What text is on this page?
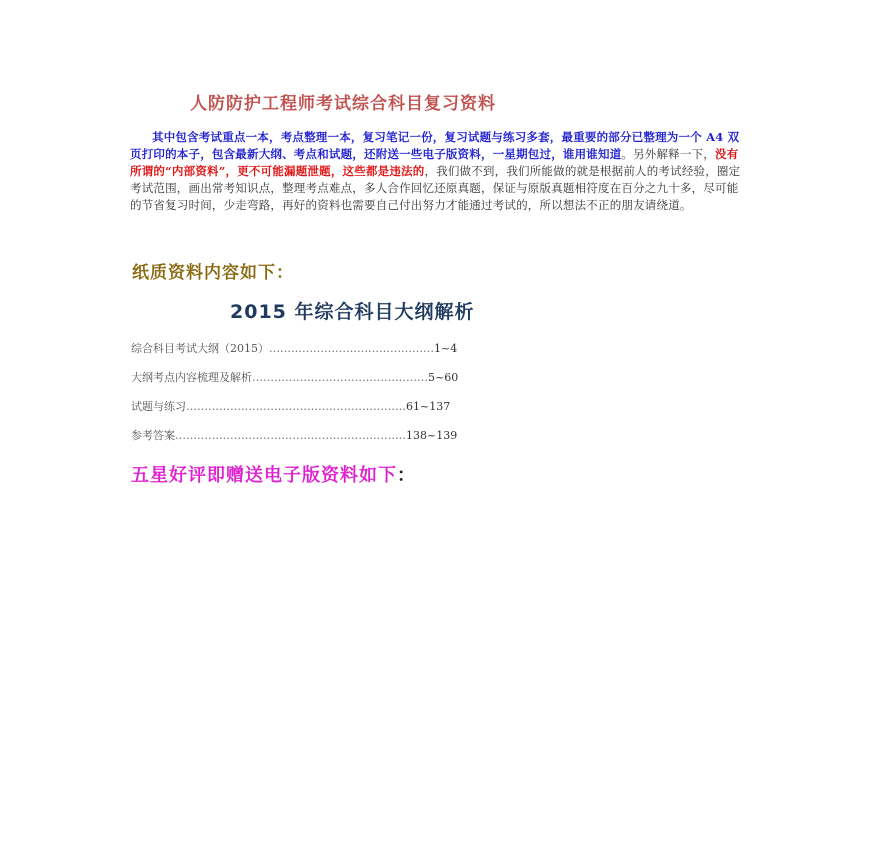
人防防护工程师考试综合科目复习资料
其中包含考试重点一本，考点整理一本，复习笔记一份，复习试题与练习多套，最重要的部分已整理为一个 A4 双页打印的本子，包含最新大纲、考点和试题，还附送一些电子版资料，一星期包过，谁用谁知道。另外解释一下，没有所谓的“内部资料”，更不可能漏题泄题，这些都是违法的，我们做不到，我们所能做的就是根据前人的考试经验，圈定考试范围，画出常考知识点，整理考点难点，多人合作回忆还原真题，保证与原版真题相符度在百分之九十多，尽可能的节省复习时间，少走弯路，再好的资料也需要自己付出努力才能通过考试的，所以想法不正的朋友请绕道。
纸质资料内容如下：
2015 年综合科目大纲解析
综合科目考试大纲（2015） ……………………………………… 1~4
大纲考点内容梳理及解析 ………………………………………… 5~60
试题与练习 …………………………………………………… 61~137
参考答案 ……………………………………………………… 138~139
五星好评即赠送电子版资料如下：
